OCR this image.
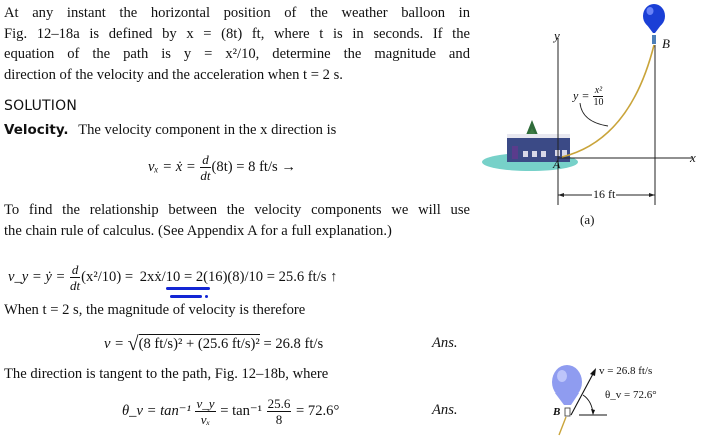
At any instant the horizontal position of the weather balloon in
Fig. 12–18a is defined by x = (8t) ft, where t is in seconds. If the
equation of the path is y = x²/10, determine the magnitude and
direction of the velocity and the acceleration when t = 2 s.
SOLUTION
Velocity. The velocity component in the x direction is
vₓ = ẋ = $\frac{d}{dt} (8t) = 8$ ft/s →
To find the relationship between the velocity components we will use
the chain rule of calculus. (See Appendix A for a full explanation.)
v_y = ẏ = $\frac{d}{dt} (x^2/10)$ = 2xẋ/10 = 2(16)(8)/10 = 25.6 ft/s ↑
When t = 2 s, the magnitude of velocity is therefore
v = √(8 ft/s)² + (25.6 ft/s)² = 26.8 ft/s	Ans.
The direction is tangent to the path, Fig. 12–18b, where
θ_v = $\tan^{-1} \frac{v\_y}{\text{vₓ}} = \tan^{-1} \frac{25.6}{8} = 72.6^\circ$	Ans.
y
x
B
A
$y = \frac{\text{x²}}{10}$
16 ft
(a)
B
v = 26.8 ft/s
θ_v = 72.6°
